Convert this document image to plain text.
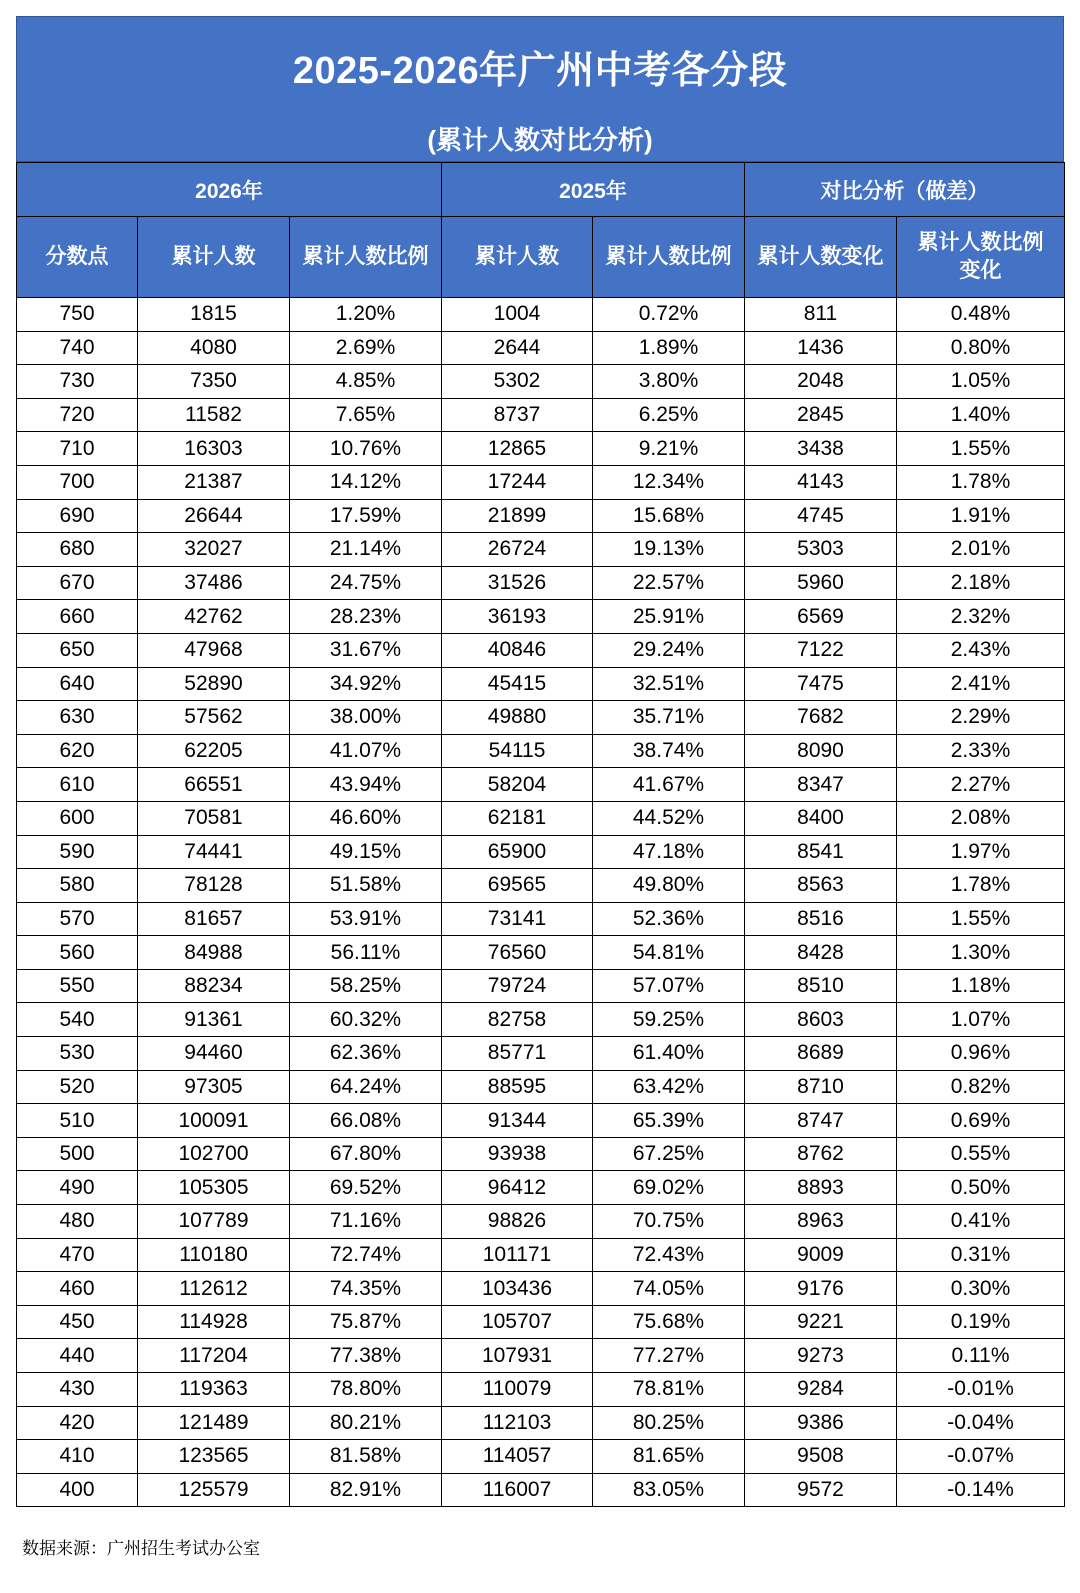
2025-2026年广州中考各分段
(累计人数对比分析)
2026年			2025年		对比分析（做差）	
分数点	累计人数	累计人数比例	累计人数	累计人数比例	累计人数变化	累计人数比例变化
750	1815	1.20%	1004	0.72%	811	0.48%
740	4080	2.69%	2644	1.89%	1436	0.80%
730	7350	4.85%	5302	3.80%	2048	1.05%
720	11582	7.65%	8737	6.25%	2845	1.40%
710	16303	10.76%	12865	9.21%	3438	1.55%
700	21387	14.12%	17244	12.34%	4143	1.78%
690	26644	17.59%	21899	15.68%	4745	1.91%
680	32027	21.14%	26724	19.13%	5303	2.01%
670	37486	24.75%	31526	22.57%	5960	2.18%
660	42762	28.23%	36193	25.91%	6569	2.32%
650	47968	31.67%	40846	29.24%	7122	2.43%
640	52890	34.92%	45415	32.51%	7475	2.41%
630	57562	38.00%	49880	35.71%	7682	2.29%
620	62205	41.07%	54115	38.74%	8090	2.33%
610	66551	43.94%	58204	41.67%	8347	2.27%
600	70581	46.60%	62181	44.52%	8400	2.08%
590	74441	49.15%	65900	47.18%	8541	1.97%
580	78128	51.58%	69565	49.80%	8563	1.78%
570	81657	53.91%	73141	52.36%	8516	1.55%
560	84988	56.11%	76560	54.81%	8428	1.30%
550	88234	58.25%	79724	57.07%	8510	1.18%
540	91361	60.32%	82758	59.25%	8603	1.07%
530	94460	62.36%	85771	61.40%	8689	0.96%
520	97305	64.24%	88595	63.42%	8710	0.82%
510	100091	66.08%	91344	65.39%	8747	0.69%
500	102700	67.80%	93938	67.25%	8762	0.55%
490	105305	69.52%	96412	69.02%	8893	0.50%
480	107789	71.16%	98826	70.75%	8963	0.41%
470	110180	72.74%	101171	72.43%	9009	0.31%
460	112612	74.35%	103436	74.05%	9176	0.30%
450	114928	75.87%	105707	75.68%	9221	0.19%
440	117204	77.38%	107931	77.27%	9273	0.11%
430	119363	78.80%	110079	78.81%	9284	-0.01%
420	121489	80.21%	112103	80.25%	9386	-0.04%
410	123565	81.58%	114057	81.65%	9508	-0.07%
400	125579	82.91%	116007	83.05%	9572	-0.14%
数据来源：广州招生考试办公室
